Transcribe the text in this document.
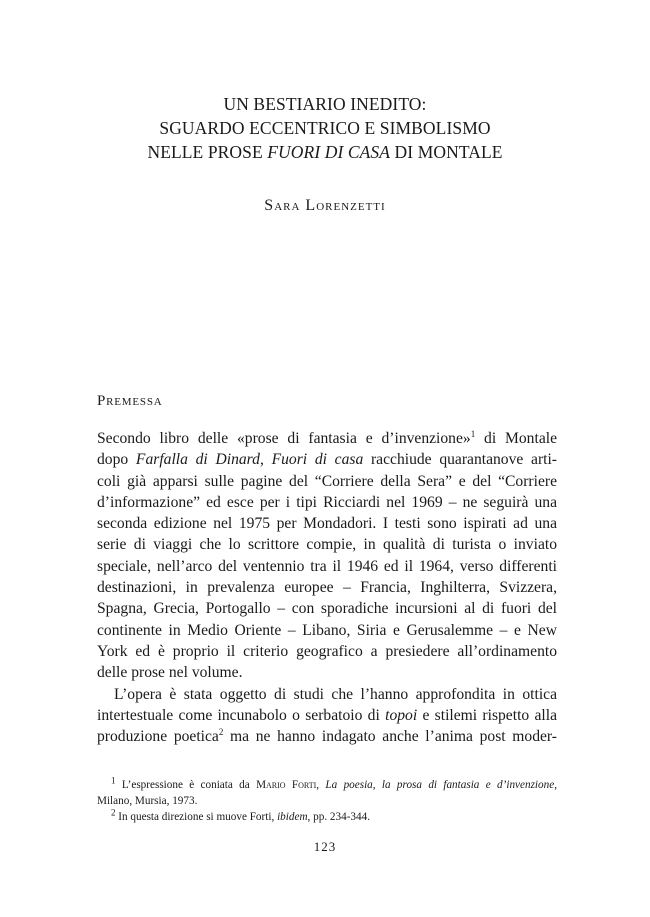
UN BESTIARIO INEDITO:
SGUARDO ECCENTRICO E SIMBOLISMO
NELLE PROSE FUORI DI CASA DI MONTALE
Sara Lorenzetti
Premessa
Secondo libro delle «prose di fantasia e d’invenzione»$^1$ di Montale
dopo Farfalla di Dinard, Fuori di casa racchiude quarantanove arti-
coli già apparsi sulle pagine del “Corriere della Sera” e del “Corriere
d’informazione” ed esce per i tipi Ricciardi nel 1969 – ne seguirà una
seconda edizione nel 1975 per Mondadori. I testi sono ispirati ad una
serie di viaggi che lo scrittore compie, in qualità di turista o inviato
speciale, nell’arco del ventennio tra il 1946 ed il 1964, verso differenti
destinazioni, in prevalenza europee – Francia, Inghilterra, Svizzera,
Spagna, Grecia, Portogallo – con sporadiche incursioni al di fuori del
continente in Medio Oriente – Libano, Siria e Gerusalemme – e New
York ed è proprio il criterio geografico a presiedere all’ordinamento
delle prose nel volume.
L’opera è stata oggetto di studi che l’hanno approfondita in ottica
intertestuale come incunabolo o serbatoio di topoi e stilemi rispetto alla
produzione poetica$^2$ ma ne hanno indagato anche l’anima post moder-
$^1$ L’espressione è coniata da Mario Forti, La poesia, la prosa di fantasia e d’invenzione,
Milano, Mursia, 1973.
$^2$ In questa direzione si muove Forti, ibidem, pp. 234-344.
123
